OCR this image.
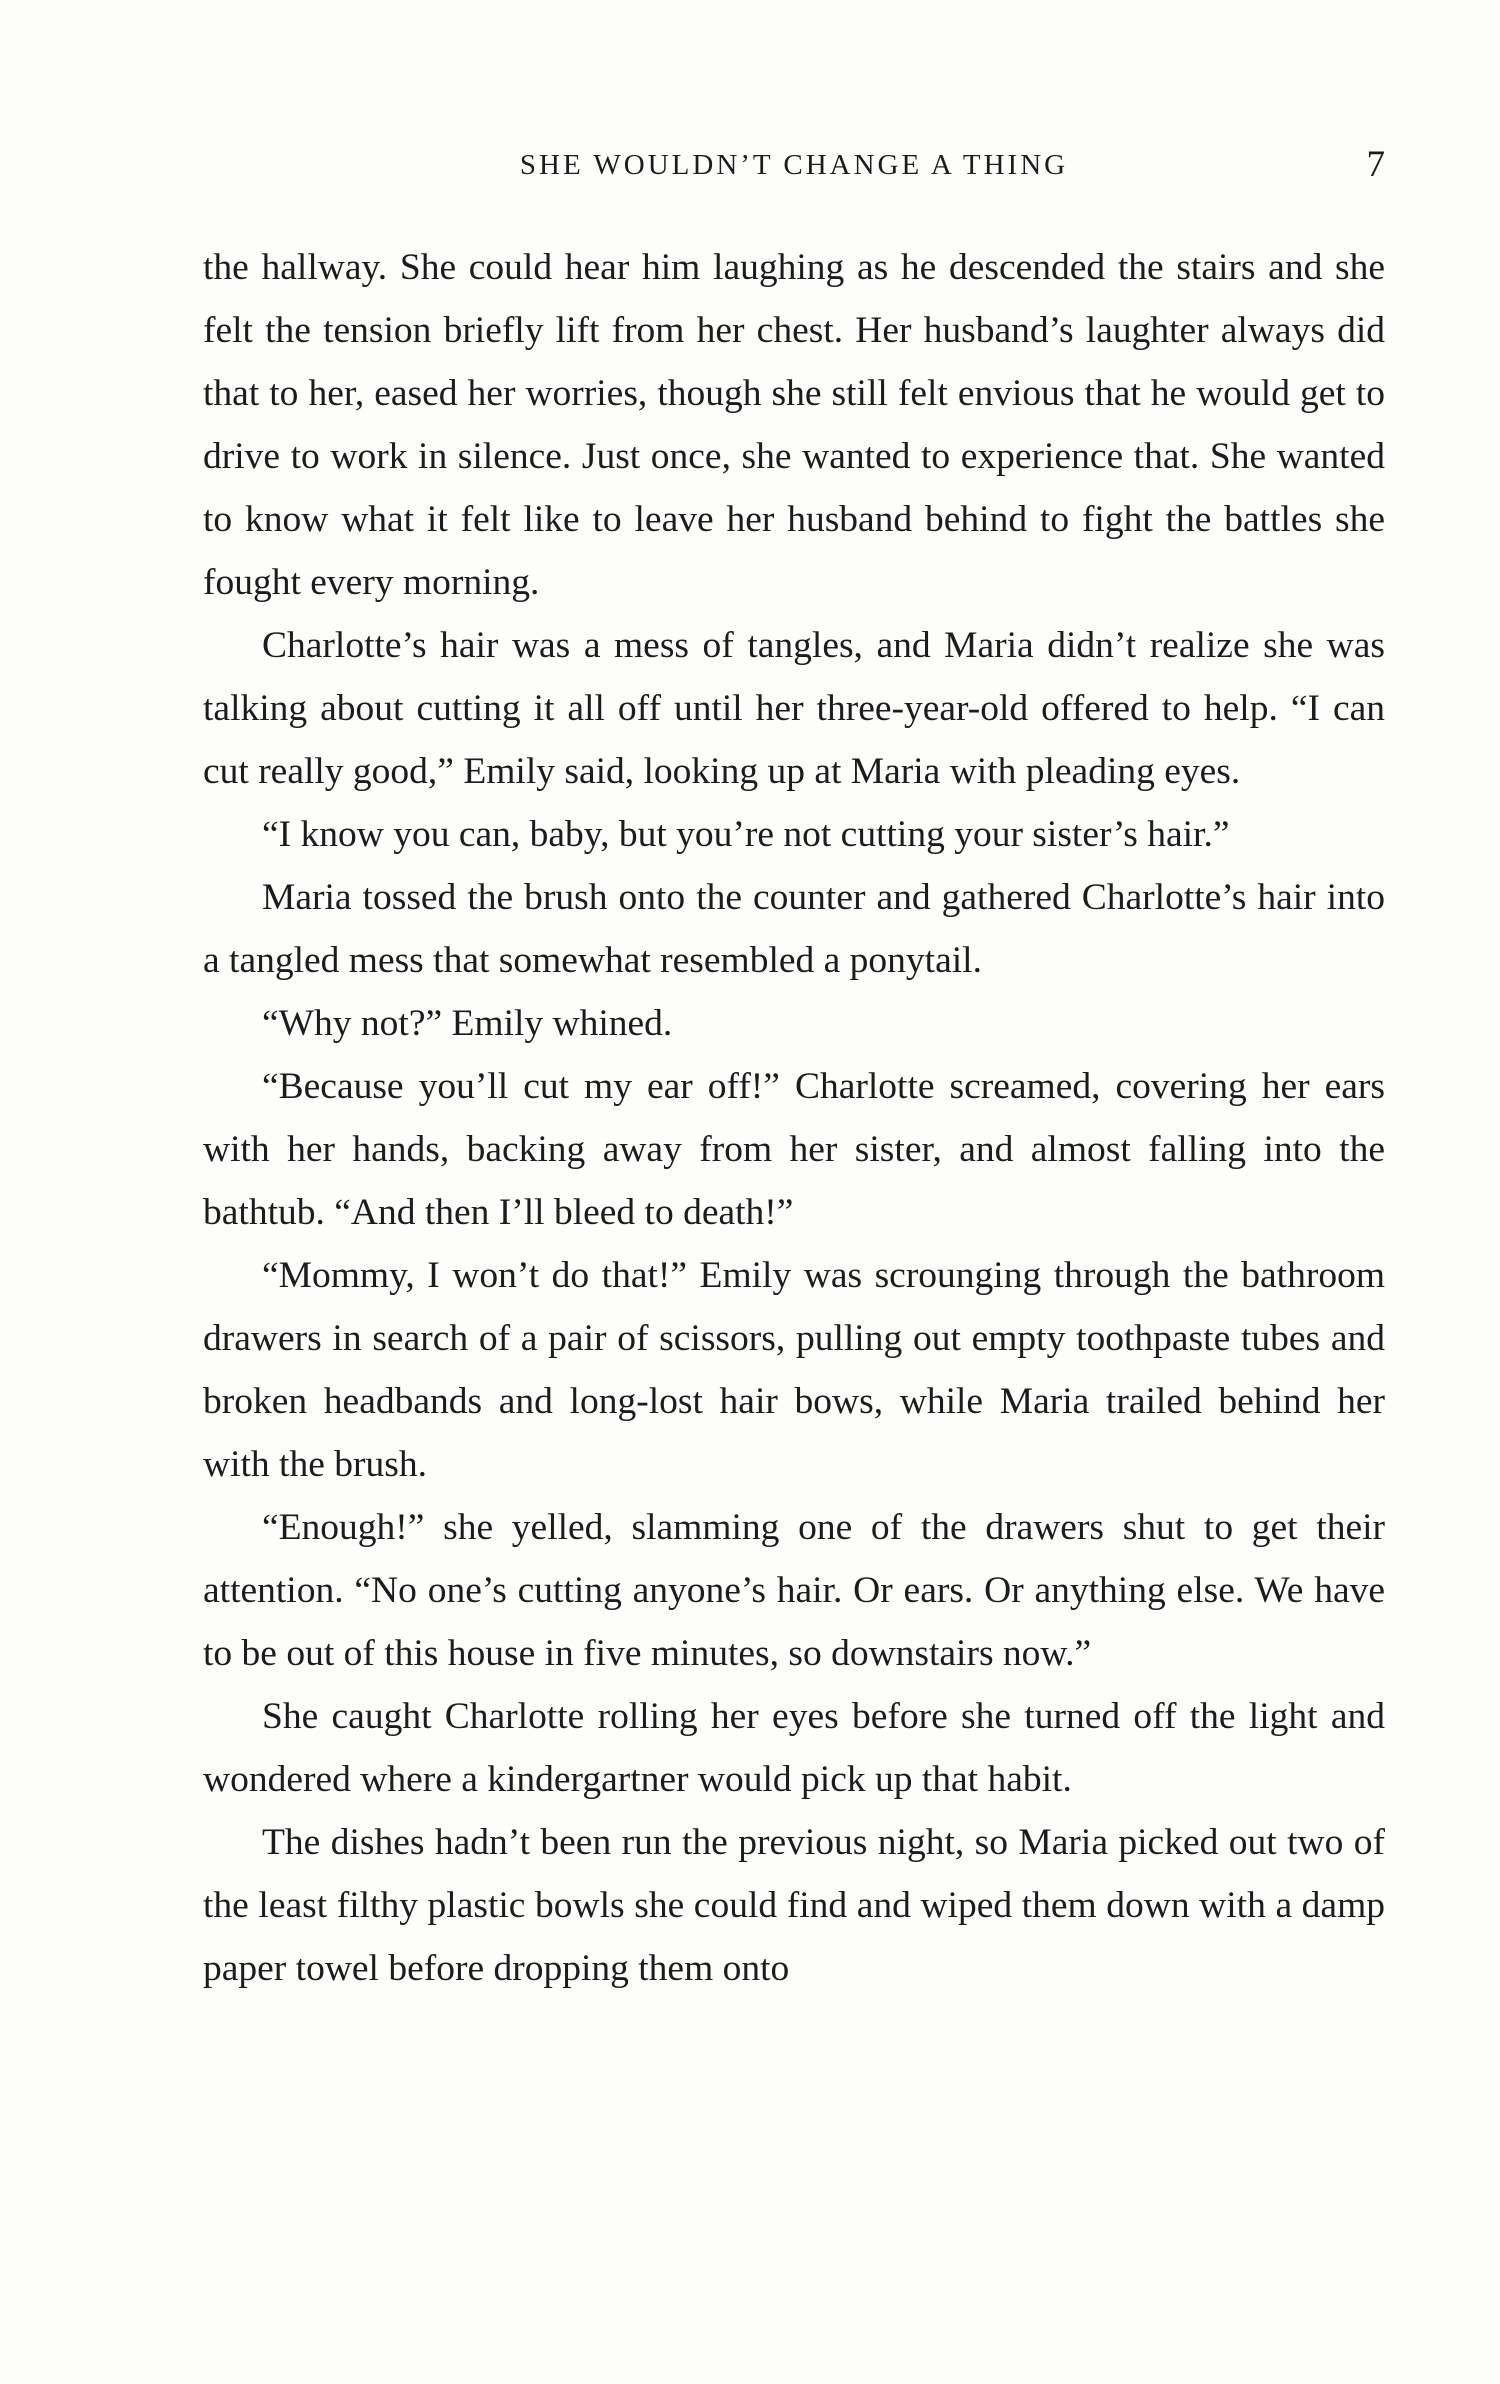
SHE WOULDN’T CHANGE A THING	7

the hallway. She could hear him laughing as he descended the stairs and she felt the tension briefly lift from her chest. Her husband’s laughter always did that to her, eased her worries, though she still felt envious that he would get to drive to work in silence. Just once, she wanted to experience that. She wanted to know what it felt like to leave her husband behind to fight the battles she fought every morning.

Charlotte’s hair was a mess of tangles, and Maria didn’t realize she was talking about cutting it all off until her three-year-old offered to help. “I can cut really good,” Emily said, looking up at Maria with pleading eyes.

“I know you can, baby, but you’re not cutting your sister’s hair.”

Maria tossed the brush onto the counter and gathered Charlotte’s hair into a tangled mess that somewhat resembled a ponytail.

“Why not?” Emily whined.

“Because you’ll cut my ear off!” Charlotte screamed, covering her ears with her hands, backing away from her sister, and almost falling into the bathtub. “And then I’ll bleed to death!”

“Mommy, I won’t do that!” Emily was scrounging through the bathroom drawers in search of a pair of scissors, pulling out empty toothpaste tubes and broken headbands and long-lost hair bows, while Maria trailed behind her with the brush.

“Enough!” she yelled, slamming one of the drawers shut to get their attention. “No one’s cutting anyone’s hair. Or ears. Or anything else. We have to be out of this house in five minutes, so downstairs now.”

She caught Charlotte rolling her eyes before she turned off the light and wondered where a kindergartner would pick up that habit.

The dishes hadn’t been run the previous night, so Maria picked out two of the least filthy plastic bowls she could find and wiped them down with a damp paper towel before dropping them onto
